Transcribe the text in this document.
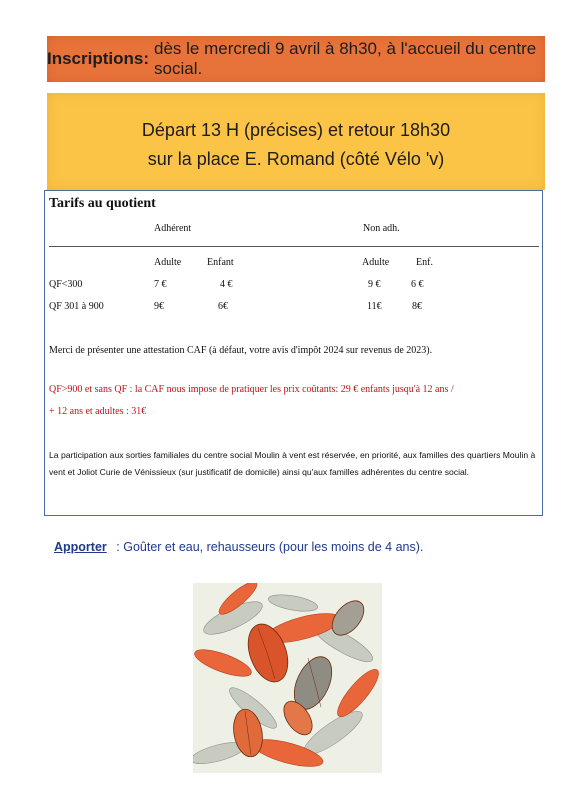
Inscriptions:
dès le mercredi 9 avril à 8h30, à l'accueil du centre social.
Départ 13 H (précises) et retour 18h30
sur la place E. Romand (côté Vélo 'v)
Tarifs au quotient
Adhérent	Non adh.
Adulte	Enfant	Adulte	Enf.
QF<300	7 €	4 €	9 €	6 €
QF 301 à 900	9€	6€	11€	8€
Merci de présenter une attestation CAF (à défaut, votre avis d'impôt 2024 sur revenus de 2023).
QF>900 et sans QF : la CAF nous impose de pratiquer les prix coûtants: 29 € enfants jusqu'à 12 ans /
+ 12 ans et adultes : 31€
La participation aux sorties familiales du centre social Moulin à vent est réservée, en priorité, aux familles des quartiers Moulin à vent et Joliot Curie de Vénissieux (sur justificatif de domicile) ainsi qu'aux familles adhérentes du centre social.
Apporter : Goûter et eau, rehausseurs (pour les moins de 4 ans).
